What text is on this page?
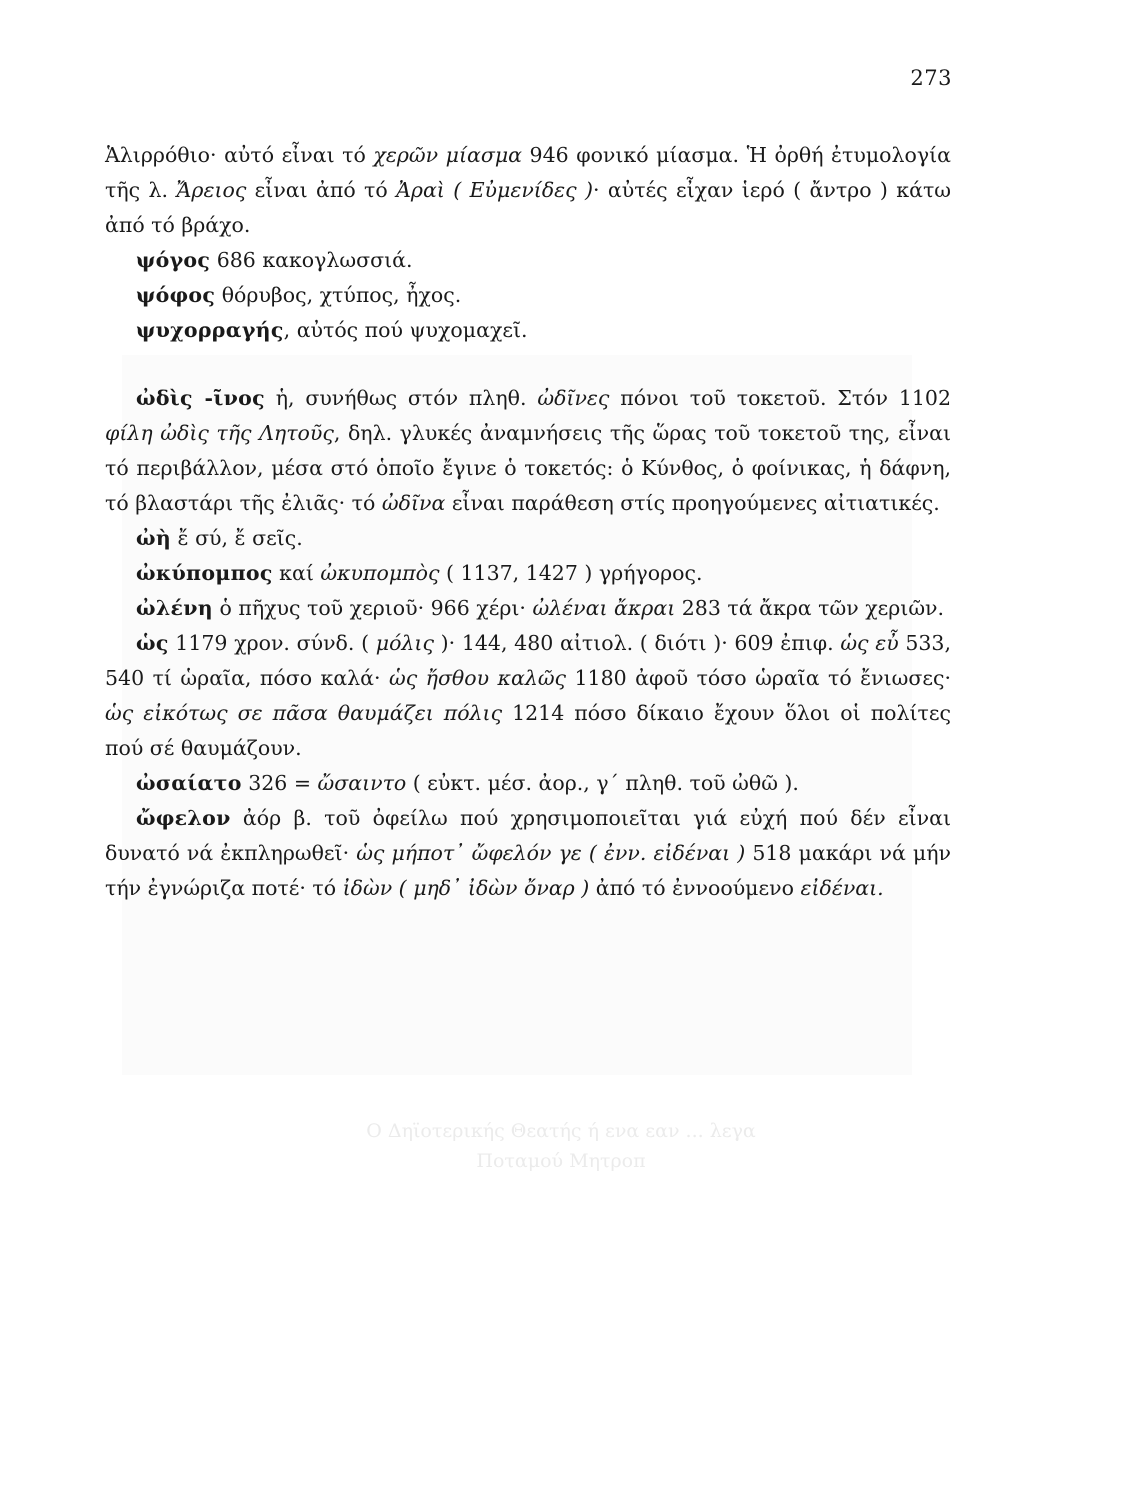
Ο Δηϊοτερικής Θεατής ή ενα εαν ... λεγα
Ποταμού Μητροπ
273

Ἁλιρρόθιο· αὐτό εἶναι τό χερῶν μίασμα 946 φονικό μίασμα. Ἡ ὀρθή ἐτυμολογία τῆς λ. Ἄρειος εἶναι ἀπό τό Ἀραὶ ( Εὐμενίδες )· αὐτές εἶχαν ἱερό ( ἄντρο ) κάτω ἀπό τό βράχο.

ψόγος 686 κακογλωσσιά.

ψόφος θόρυβος, χτύπος, ἦχος.

ψυχορραγής, αὐτός πού ψυχομαχεῖ.

ὠδὶς -ῖνος ἡ, συνήθως στόν πληθ. ὠδῖνες πόνοι τοῦ τοκετοῦ. Στόν 1102 φίλη ὠδὶς τῆς Λητοῦς, δηλ. γλυκές ἀναμνήσεις τῆς ὥρας τοῦ τοκετοῦ της, εἶναι τό περιβάλλον, μέσα στό ὁποῖο ἔγινε ὁ τοκετός: ὁ Κύνθος, ὁ φοίνικας, ἡ δάφνη, τό βλαστάρι τῆς ἐλιᾶς· τό ὠδῖνα εἶναι παράθεση στίς προηγούμενες αἰτιατικές.

ὠὴ ἔ σύ, ἔ σεῖς.

ὠκύπομπος καί ὠκυπομπὸς ( 1137, 1427 ) γρήγορος.

ὠλένη ὁ πῆχυς τοῦ χεριοῦ· 966 χέρι· ὠλέναι ἄκραι 283 τά ἄκρα τῶν χεριῶν.

ὡς 1179 χρον. σύνδ. ( μόλις )· 144, 480 αἰτιολ. ( διότι )· 609 ἐπιφ. ὡς εὖ 533, 540 τί ὡραῖα, πόσο καλά· ὡς ἤσθου καλῶς 1180 ἀφοῦ τόσο ὡραῖα τό ἔνιωσες· ὡς εἰκότως σε πᾶσα θαυμάζει πόλις 1214 πόσο δίκαιο ἔχουν ὅλοι οἱ πολίτες πού σέ θαυμάζουν.

ὠσαίατο 326 = ὤσαιντο ( εὐκτ. μέσ. ἀορ., γ΄ πληθ. τοῦ ὠθῶ ).

ὤφελον ἀόρ β. τοῦ ὀφείλω πού χρησιμοποιεῖται γιά εὐχή πού δέν εἶναι δυνατό νά ἐκπληρωθεῖ· ὡς μήποτ᾽ ὤφελόν γε ( ἐνν. εἰδέναι ) 518 μακάρι νά μήν τήν ἐγνώριζα ποτέ· τό ἰδὼν ( μηδ᾽ ἰδὼν ὄναρ ) ἀπό τό ἐννοούμενο εἰδέναι.
